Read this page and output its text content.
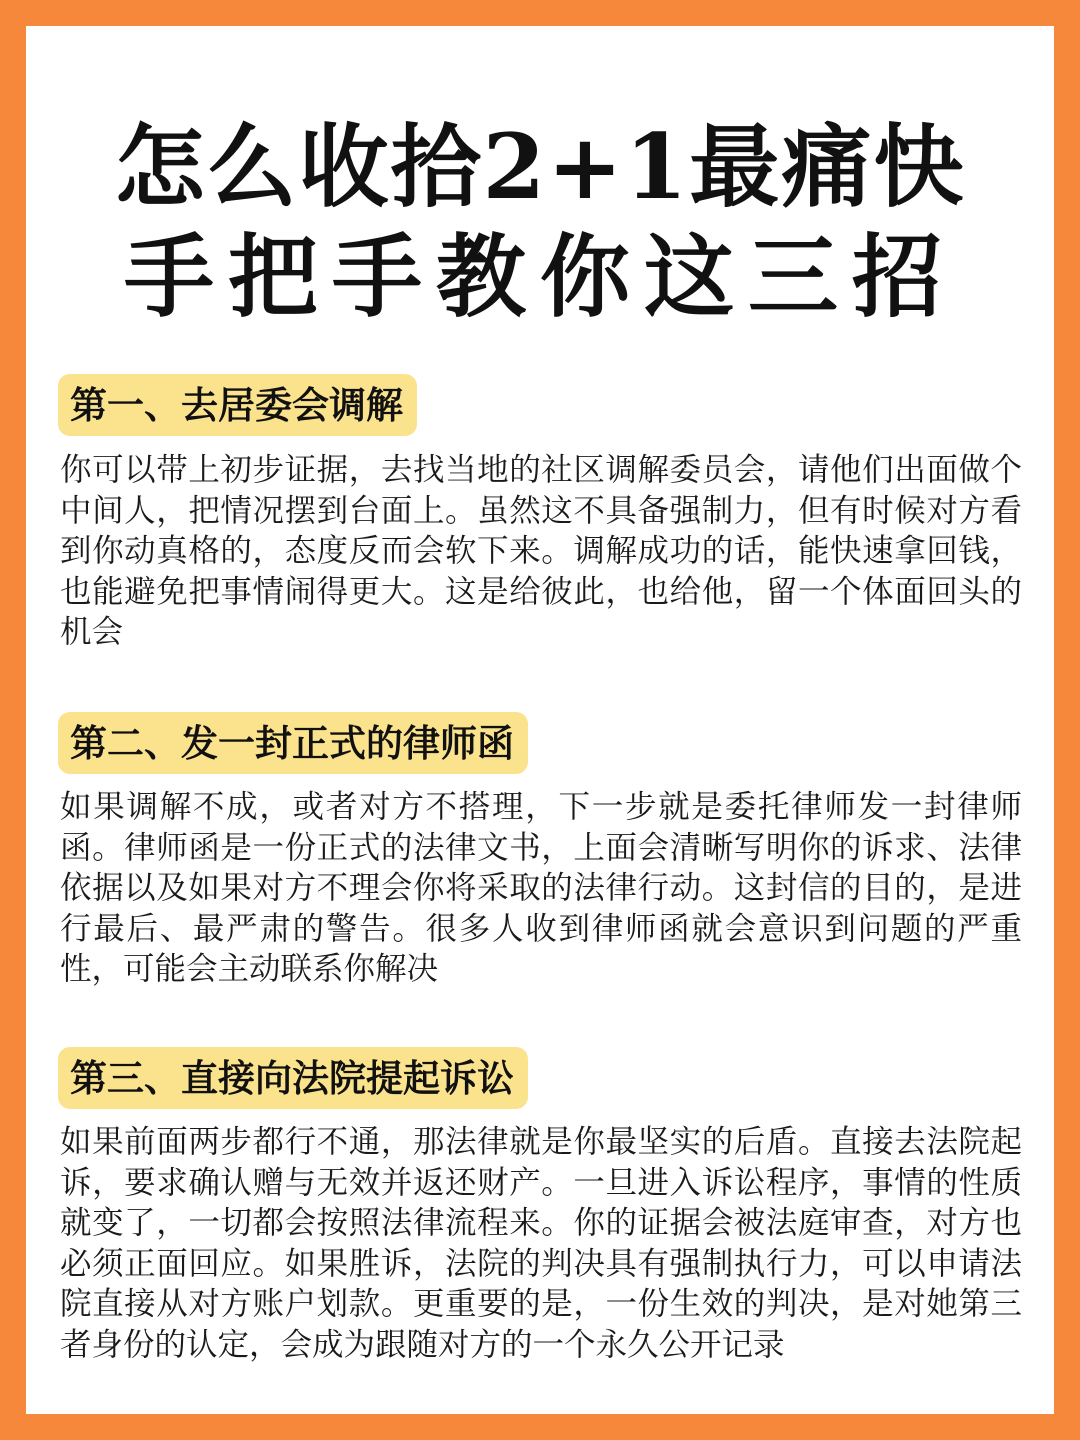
怎么收拾2+1最痛快
手把手教你这三招
第一、去居委会调解

你可以带上初步证据，去找当地的社区调解委员会，请他们出面做个中间人，把情况摆到台面上。虽然这不具备强制力，但有时候对方看到你动真格的，态度反而会软下来。调解成功的话，能快速拿回钱，也能避免把事情闹得更大。这是给彼此，也给他，留一个体面回头的机会

第二、发一封正式的律师函

如果调解不成，或者对方不搭理，下一步就是委托律师发一封律师函。律师函是一份正式的法律文书，上面会清晰写明你的诉求、法律依据以及如果对方不理会你将采取的法律行动。这封信的目的，是进行最后、最严肃的警告。很多人收到律师函就会意识到问题的严重性，可能会主动联系你解决

第三、直接向法院提起诉讼

如果前面两步都行不通，那法律就是你最坚实的后盾。直接去法院起诉，要求确认赠与无效并返还财产。一旦进入诉讼程序，事情的性质就变了，一切都会按照法律流程来。你的证据会被法庭审查，对方也必须正面回应。如果胜诉，法院的判决具有强制执行力，可以申请法院直接从对方账户划款。更重要的是，一份生效的判决，是对她第三者身份的认定，会成为跟随对方的一个永久公开记录
